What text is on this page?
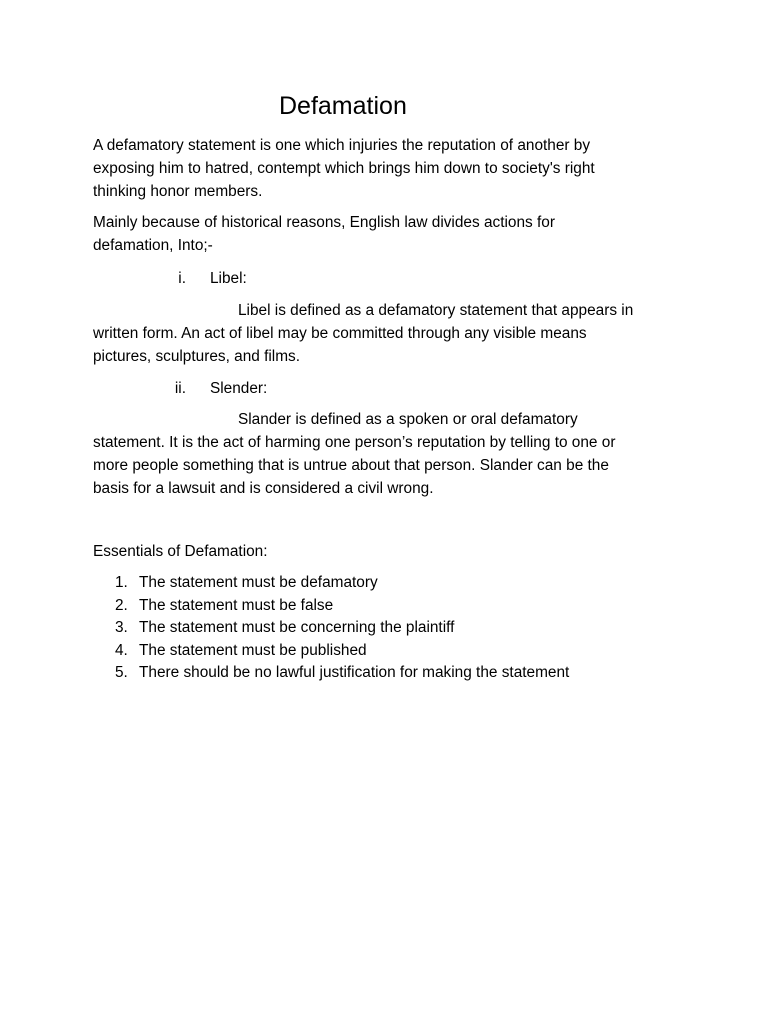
Defamation
A defamatory statement is one which injuries the reputation of another by
exposing him to hatred, contempt which brings him down to society's right
thinking honor members.
Mainly because of historical reasons, English law divides actions for
defamation, Into;-
i. Libel:
Libel is defined as a defamatory statement that appears in
written form. An act of libel may be committed through any visible means
pictures, sculptures, and films.
ii. Slender:
Slander is defined as a spoken or oral defamatory
statement. It is the act of harming one person’s reputation by telling to one or
more people something that is untrue about that person. Slander can be the
basis for a lawsuit and is considered a civil wrong.
Essentials of Defamation:
1. The statement must be defamatory
2. The statement must be false
3. The statement must be concerning the plaintiff
4. The statement must be published
5. There should be no lawful justification for making the statement
